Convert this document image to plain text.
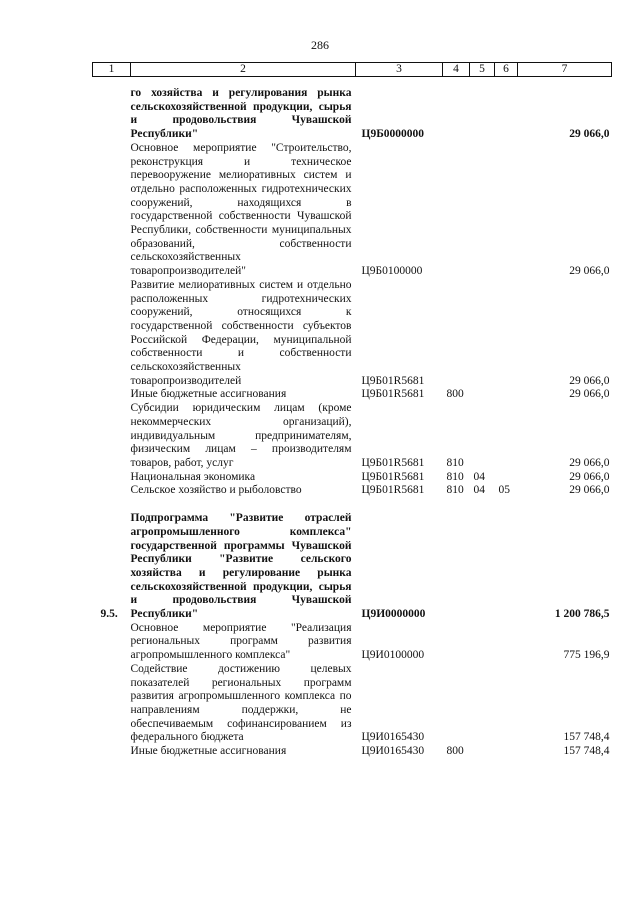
286
1	2	3	4	5	6	7

	го хозяйства и регулирования рынка сельскохозяйственной продукции, сырья и продовольствия Чувашской Республики"	Ц9Б0000000				29 066,0
	Основное мероприятие "Строительство, реконструкция и техническое перевооружение мелиоративных систем и отдельно расположенных гидротехнических сооружений, находящихся в государственной собственности Чувашской Республики, собственности муниципальных образований, собственности сельскохозяйственных товаропроизводителей"	Ц9Б0100000				29 066,0
	Развитие мелиоративных систем и отдельно расположенных гидротехнических сооружений, относящихся к государственной собственности субъектов Российской Федерации, муниципальной собственности и собственности сельскохозяйственных товаропроизводителей	Ц9Б01R5681				29 066,0
	Иные бюджетные ассигнования	Ц9Б01R5681	800			29 066,0
	Субсидии юридическим лицам (кроме некоммерческих организаций), индивидуальным предпринимателям, физическим лицам – производителям товаров, работ, услуг	Ц9Б01R5681	810			29 066,0
	Национальная экономика	Ц9Б01R5681	810	04		29 066,0
	Сельское хозяйство и рыболовство	Ц9Б01R5681	810	04	05	29 066,0

9.5.	Подпрограмма "Развитие отраслей агропромышленного комплекса" государственной программы Чувашской Республики "Развитие сельского хозяйства и регулирование рынка сельскохозяйственной продукции, сырья и продовольствия Чувашской Республики"	Ц9И0000000				1 200 786,5
	Основное мероприятие "Реализация региональных программ развития агропромышленного комплекса"	Ц9И0100000				775 196,9
	Содействие достижению целевых показателей региональных программ развития агропромышленного комплекса по направлениям поддержки, не обеспечиваемым софинансированием из федерального бюджета	Ц9И0165430				157 748,4
	Иные бюджетные ассигнования	Ц9И0165430	800			157 748,4
